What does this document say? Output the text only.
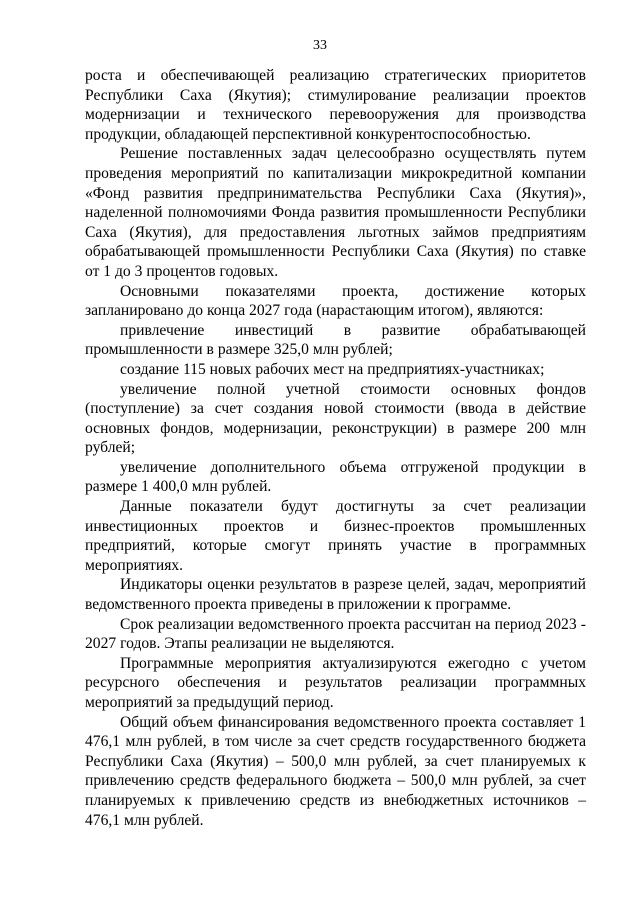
33

роста и обеспечивающей реализацию стратегических приоритетов Республики Саха (Якутия); стимулирование реализации проектов модернизации и технического перевооружения для производства продукции, обладающей перспективной конкурентоспособностью.

Решение поставленных задач целесообразно осуществлять путем проведения мероприятий по капитализации микрокредитной компании «Фонд развития предпринимательства Республики Саха (Якутия)», наделенной полномочиями Фонда развития промышленности Республики Саха (Якутия), для предоставления льготных займов предприятиям обрабатывающей промышленности Республики Саха (Якутия) по ставке от 1 до 3 процентов годовых.

Основными показателями проекта, достижение которых запланировано до конца 2027 года (нарастающим итогом), являются:

привлечение инвестиций в развитие обрабатывающей промышленности в размере 325,0 млн рублей;

создание 115 новых рабочих мест на предприятиях-участниках;

увеличение полной учетной стоимости основных фондов (поступление) за счет создания новой стоимости (ввода в действие основных фондов, модернизации, реконструкции) в размере 200 млн рублей;

увеличение дополнительного объема отгруженой продукции в размере 1 400,0 млн рублей.

Данные показатели будут достигнуты за счет реализации инвестиционных проектов и бизнес-проектов промышленных предприятий, которые смогут принять участие в программных мероприятиях.

Индикаторы оценки результатов в разрезе целей, задач, мероприятий ведомственного проекта приведены в приложении к программе.

Срок реализации ведомственного проекта рассчитан на период 2023 - 2027 годов. Этапы реализации не выделяются.

Программные мероприятия актуализируются ежегодно с учетом ресурсного обеспечения и результатов реализации программных мероприятий за предыдущий период.

Общий объем финансирования ведомственного проекта составляет 1 476,1 млн рублей, в том числе за счет средств государственного бюджета Республики Саха (Якутия) – 500,0 млн рублей, за счет планируемых к привлечению средств федерального бюджета – 500,0 млн рублей, за счет планируемых к привлечению средств из внебюджетных источников – 476,1 млн рублей.
